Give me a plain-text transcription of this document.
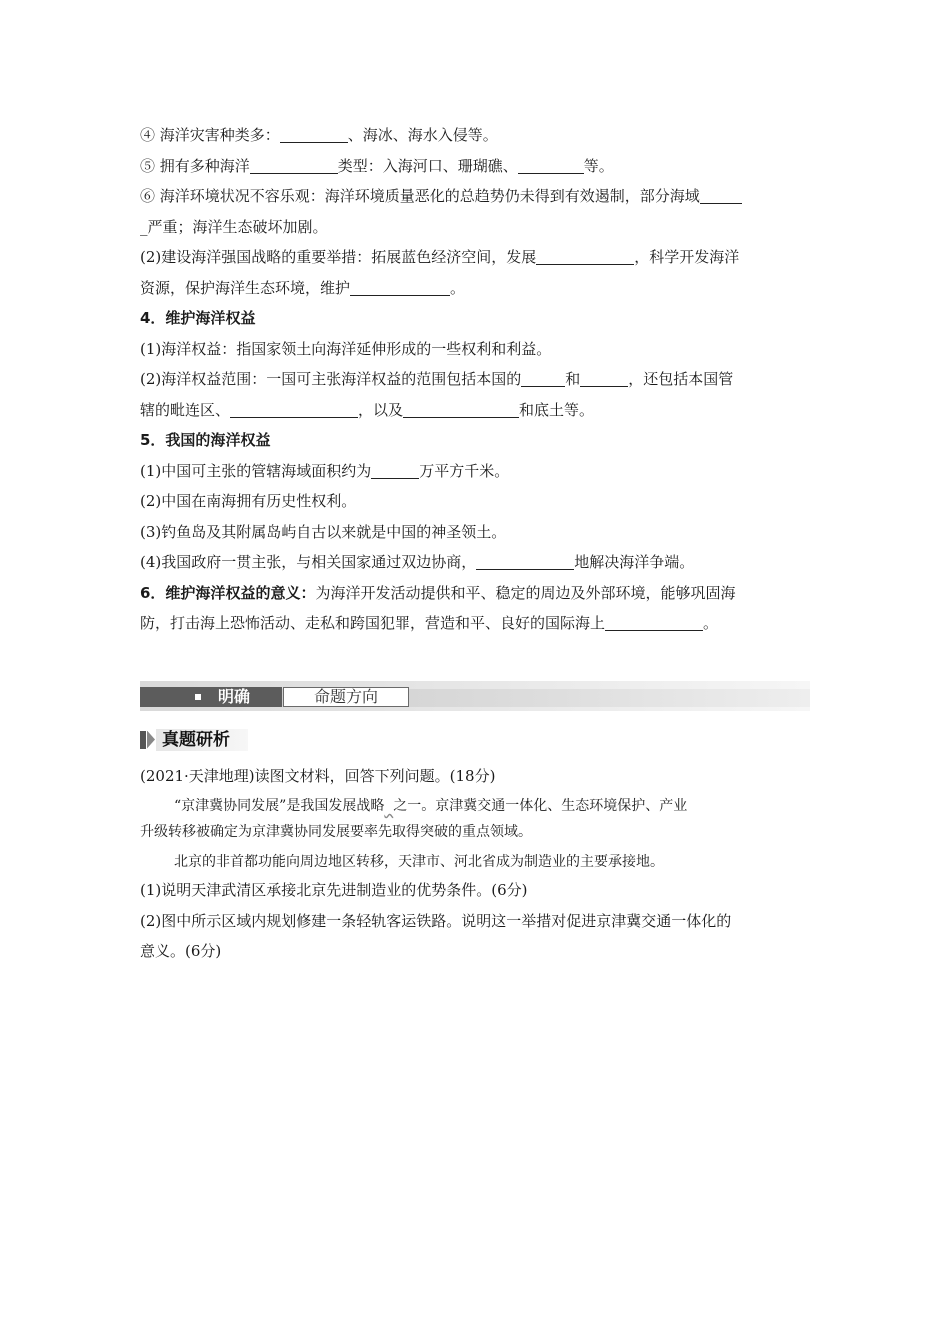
④ 海洋灾害种类多：	、海冰、海水入侵等。

⑤ 拥有多种海洋	类型：入海河口、珊瑚礁、	等。

⑥ 海洋环境状况不容乐观：海洋环境质量恶化的总趋势仍未得到有效遏制，部分海域

_严重；海洋生态破坏加剧。

(2)建设海洋强国战略的重要举措：拓展蓝色经济空间，发展	，科学开发海洋

资源，保护海洋生态环境，维护	。

4．维护海洋权益

(1)海洋权益：指国家领土向海洋延伸形成的一些权利和利益。

(2)海洋权益范围：一国可主张海洋权益的范围包括本国的	和	，还包括本国管

辖的毗连区、	，以及	和底土等。

5．我国的海洋权益

(1)中国可主张的管辖海域面积约为	万平方千米。

(2)中国在南海拥有历史性权利。

(3)钓鱼岛及其附属岛屿自古以来就是中国的神圣领土。

(4)我国政府一贯主张，与相关国家通过双边协商，	地解决海洋争端。

6．维护海洋权益的意义：为海洋开发活动提供和平、稳定的周边及外部环境，能够巩固海

防，打击海上恐怖活动、走私和跨国犯罪，营造和平、良好的国际海上	。

明确	命题方向
真题研析

(2021·天津地理)读图文材料，回答下列问题。(18分)

“京津冀协同发展”是我国发展战略 之一。京津冀交通一体化、生态环境保护、产业

升级转移被确定为京津冀协同发展要率先取得突破的重点领域。

北京的非首都功能向周边地区转移，天津市、河北省成为制造业的主要承接地。

(1)说明天津武清区承接北京先进制造业的优势条件。(6分)

(2)图中所示区域内规划修建一条轻轨客运铁路。说明这一举措对促进京津冀交通一体化的

意义。(6分)
